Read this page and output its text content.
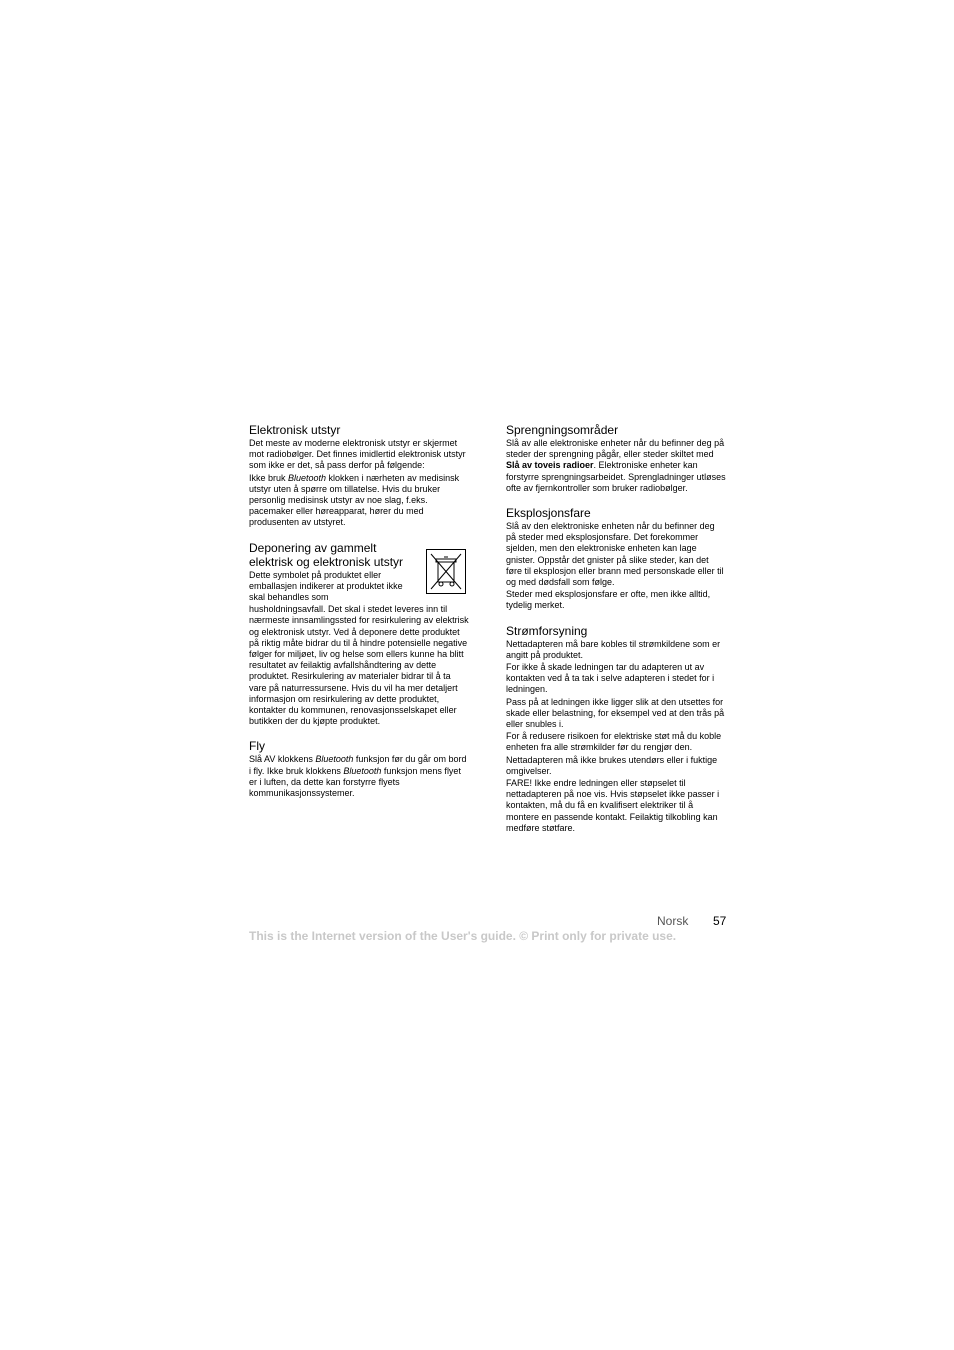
Elektronisk utstyr
Det meste av moderne elektronisk utstyr er skjermet mot radiobølger. Det finnes imidlertid elektronisk utstyr som ikke er det, så pass derfor på følgende:
Ikke bruk Bluetooth klokken i nærheten av medisinsk utstyr uten å spørre om tillatelse. Hvis du bruker personlig medisinsk utstyr av noe slag, f.eks. pacemaker eller høreapparat, hører du med produsenten av utstyret.
Deponering av gammelt elektrisk og elektronisk utstyr
Dette symbolet på produktet eller emballasjen indikerer at produktet ikke skal behandles som
husholdningsavfall. Det skal i stedet leveres inn til nærmeste innsamlingssted for resirkulering av elektrisk og elektronisk utstyr. Ved å deponere dette produktet på riktig måte bidrar du til å hindre potensielle negative følger for miljøet, liv og helse som ellers kunne ha blitt resultatet av feilaktig avfallshåndtering av dette produktet. Resirkulering av materialer bidrar til å ta vare på naturressursene. Hvis du vil ha mer detaljert informasjon om resirkulering av dette produktet, kontakter du kommunen, renovasjonsselskapet eller butikken der du kjøpte produktet.
Fly
Slå AV klokkens Bluetooth funksjon før du går om bord i fly. Ikke bruk klokkens Bluetooth funksjon mens flyet er i luften, da dette kan forstyrre flyets kommunikasjonssystemer.
Sprengningsområder
Slå av alle elektroniske enheter når du befinner deg på steder der sprengning pågår, eller steder skiltet med Slå av toveis radioer. Elektroniske enheter kan forstyrre sprengningsarbeidet. Sprengladninger utløses ofte av fjernkontroller som bruker radiobølger.
Eksplosjonsfare
Slå av den elektroniske enheten når du befinner deg på steder med eksplosjonsfare. Det forekommer sjelden, men den elektroniske enheten kan lage gnister. Oppstår det gnister på slike steder, kan det føre til eksplosjon eller brann med personskade eller til og med dødsfall som følge.
Steder med eksplosjonsfare er ofte, men ikke alltid, tydelig merket.
Strømforsyning
Nettadapteren må bare kobles til strømkildene som er angitt på produktet.
For ikke å skade ledningen tar du adapteren ut av kontakten ved å ta tak i selve adapteren i stedet for i ledningen.
Pass på at ledningen ikke ligger slik at den utsettes for skade eller belastning, for eksempel ved at den trås på eller snubles i.
For å redusere risikoen for elektriske støt må du koble enheten fra alle strømkilder før du rengjør den.
Nettadapteren må ikke brukes utendørs eller i fuktige omgivelser.
FARE! Ikke endre ledningen eller støpselet til nettadapteren på noe vis. Hvis støpselet ikke passer i kontakten, må du få en kvalifisert elektriker til å montere en passende kontakt. Feilaktig tilkobling kan medføre støtfare.
Norsk 57
This is the Internet version of the User's guide. © Print only for private use.
